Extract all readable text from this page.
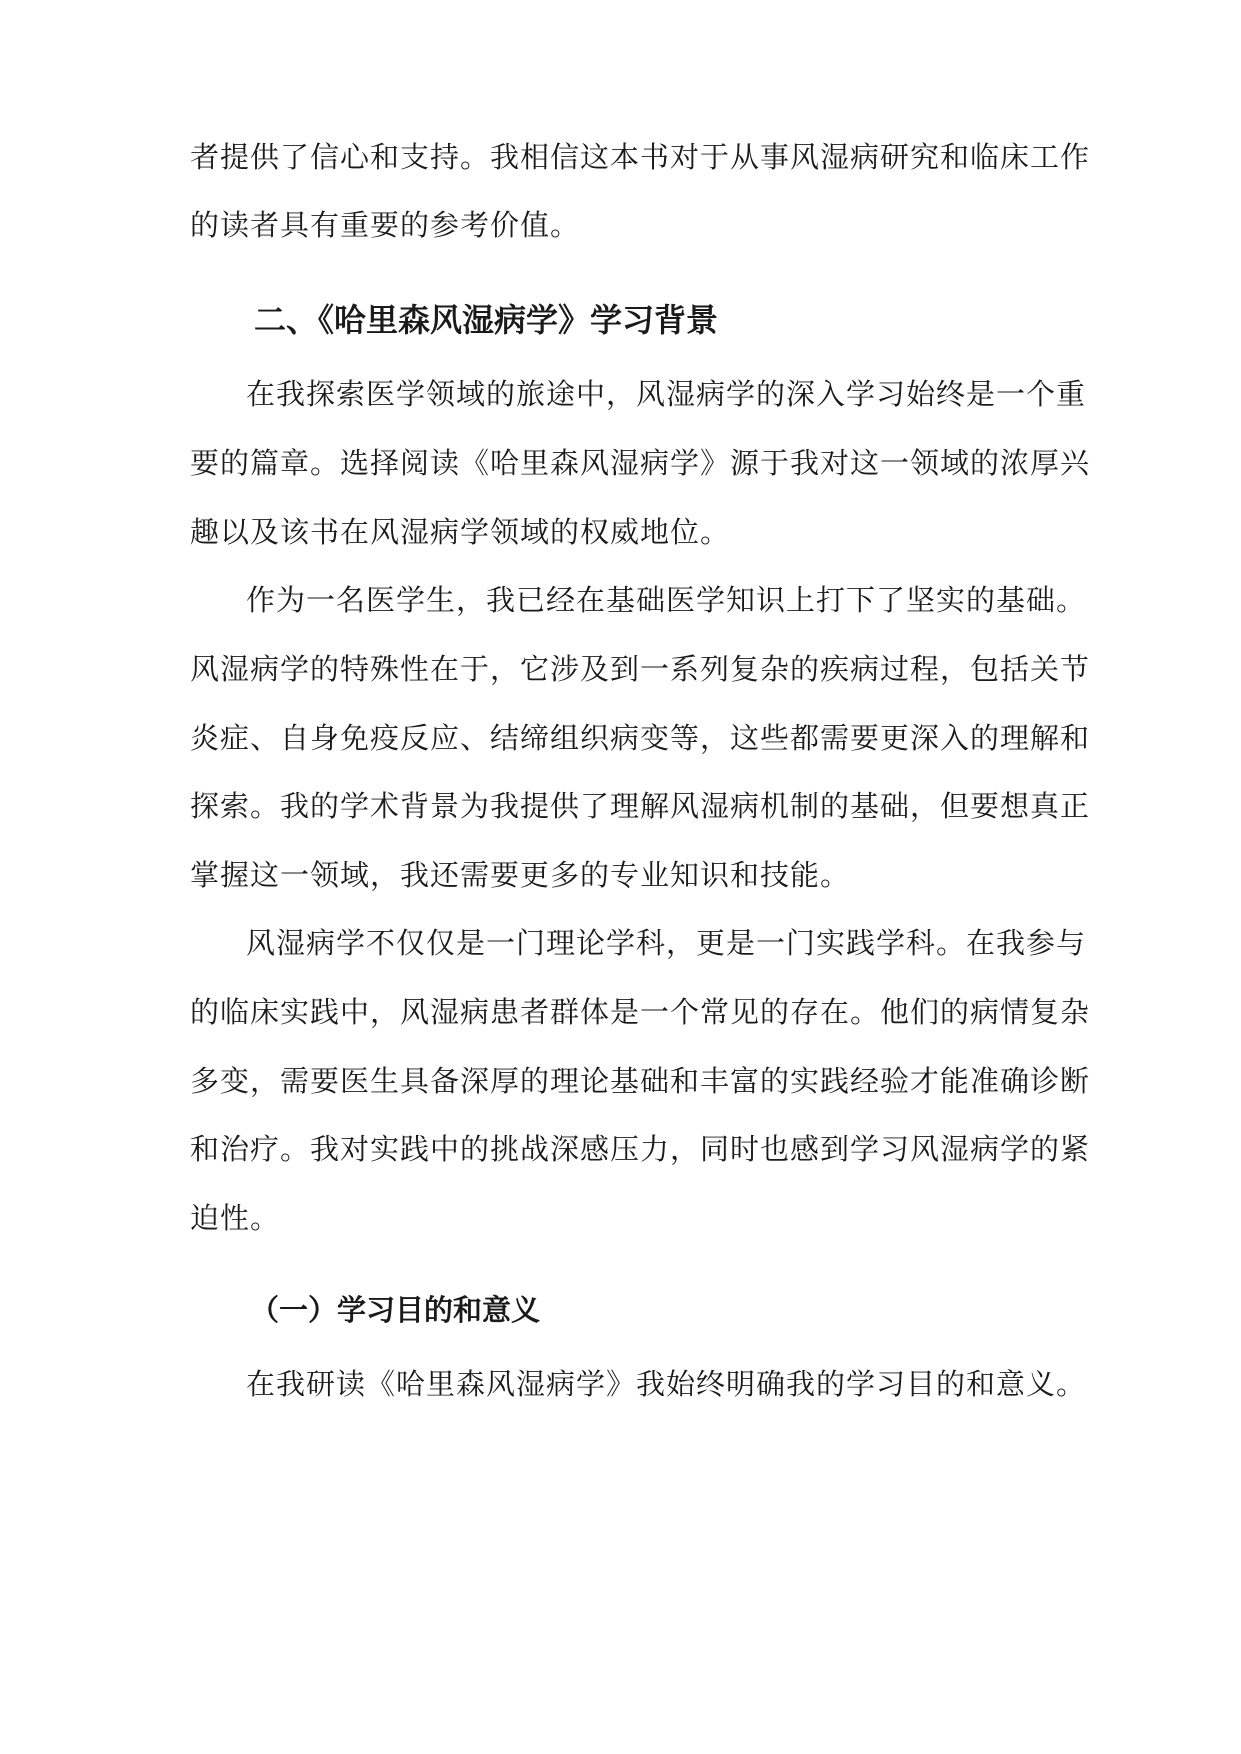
者提供了信心和支持。我相信这本书对于从事风湿病研究和临床工作
的读者具有重要的参考价值。
二、《哈里森风湿病学》学习背景
在我探索医学领域的旅途中，风湿病学的深入学习始终是一个重
要的篇章。选择阅读《哈里森风湿病学》源于我对这一领域的浓厚兴
趣以及该书在风湿病学领域的权威地位。
作为一名医学生，我已经在基础医学知识上打下了坚实的基础。
风湿病学的特殊性在于，它涉及到一系列复杂的疾病过程，包括关节
炎症、自身免疫反应、结缔组织病变等，这些都需要更深入的理解和
探索。我的学术背景为我提供了理解风湿病机制的基础，但要想真正
掌握这一领域，我还需要更多的专业知识和技能。
风湿病学不仅仅是一门理论学科，更是一门实践学科。在我参与
的临床实践中，风湿病患者群体是一个常见的存在。他们的病情复杂
多变，需要医生具备深厚的理论基础和丰富的实践经验才能准确诊断
和治疗。我对实践中的挑战深感压力，同时也感到学习风湿病学的紧
迫性。
（一）学习目的和意义
在我研读《哈里森风湿病学》我始终明确我的学习目的和意义。
